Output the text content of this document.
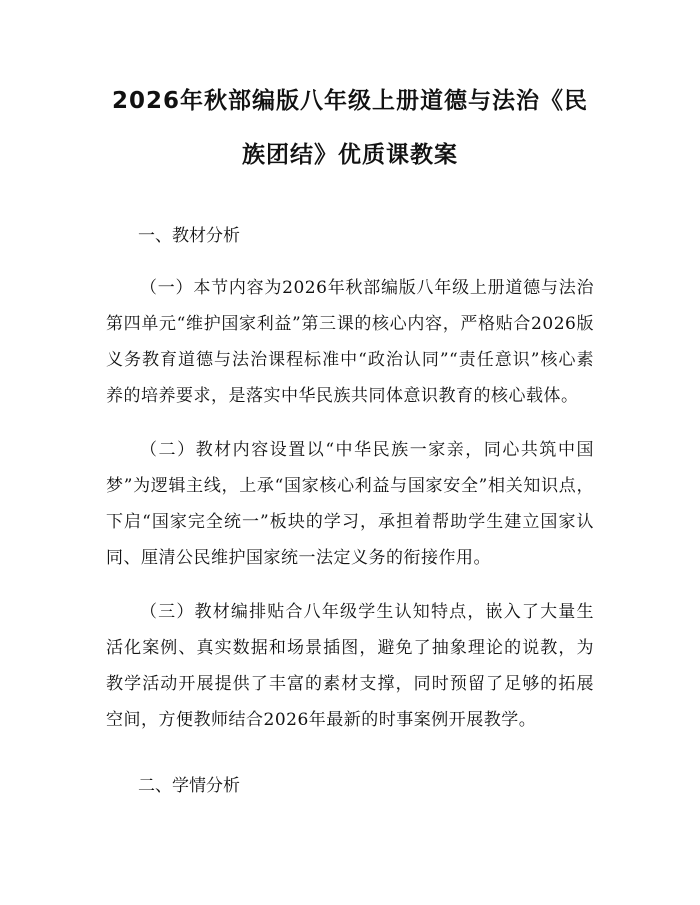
2026年秋部编版八年级上册道德与法治《民族团结》优质课教案
一、教材分析

（一）本节内容为2026年秋部编版八年级上册道德与法治第四单元“维护国家利益”第三课的核心内容，严格贴合2026版义务教育道德与法治课程标准中“政治认同”“责任意识”核心素养的培养要求，是落实中华民族共同体意识教育的核心载体。

（二）教材内容设置以“中华民族一家亲，同心共筑中国梦”为逻辑主线，上承“国家核心利益与国家安全”相关知识点，下启“国家完全统一”板块的学习，承担着帮助学生建立国家认同、厘清公民维护国家统一法定义务的衔接作用。

（三）教材编排贴合八年级学生认知特点，嵌入了大量生活化案例、真实数据和场景插图，避免了抽象理论的说教，为教学活动开展提供了丰富的素材支撑，同时预留了足够的拓展空间，方便教师结合2026年最新的时事案例开展教学。

二、学情分析
